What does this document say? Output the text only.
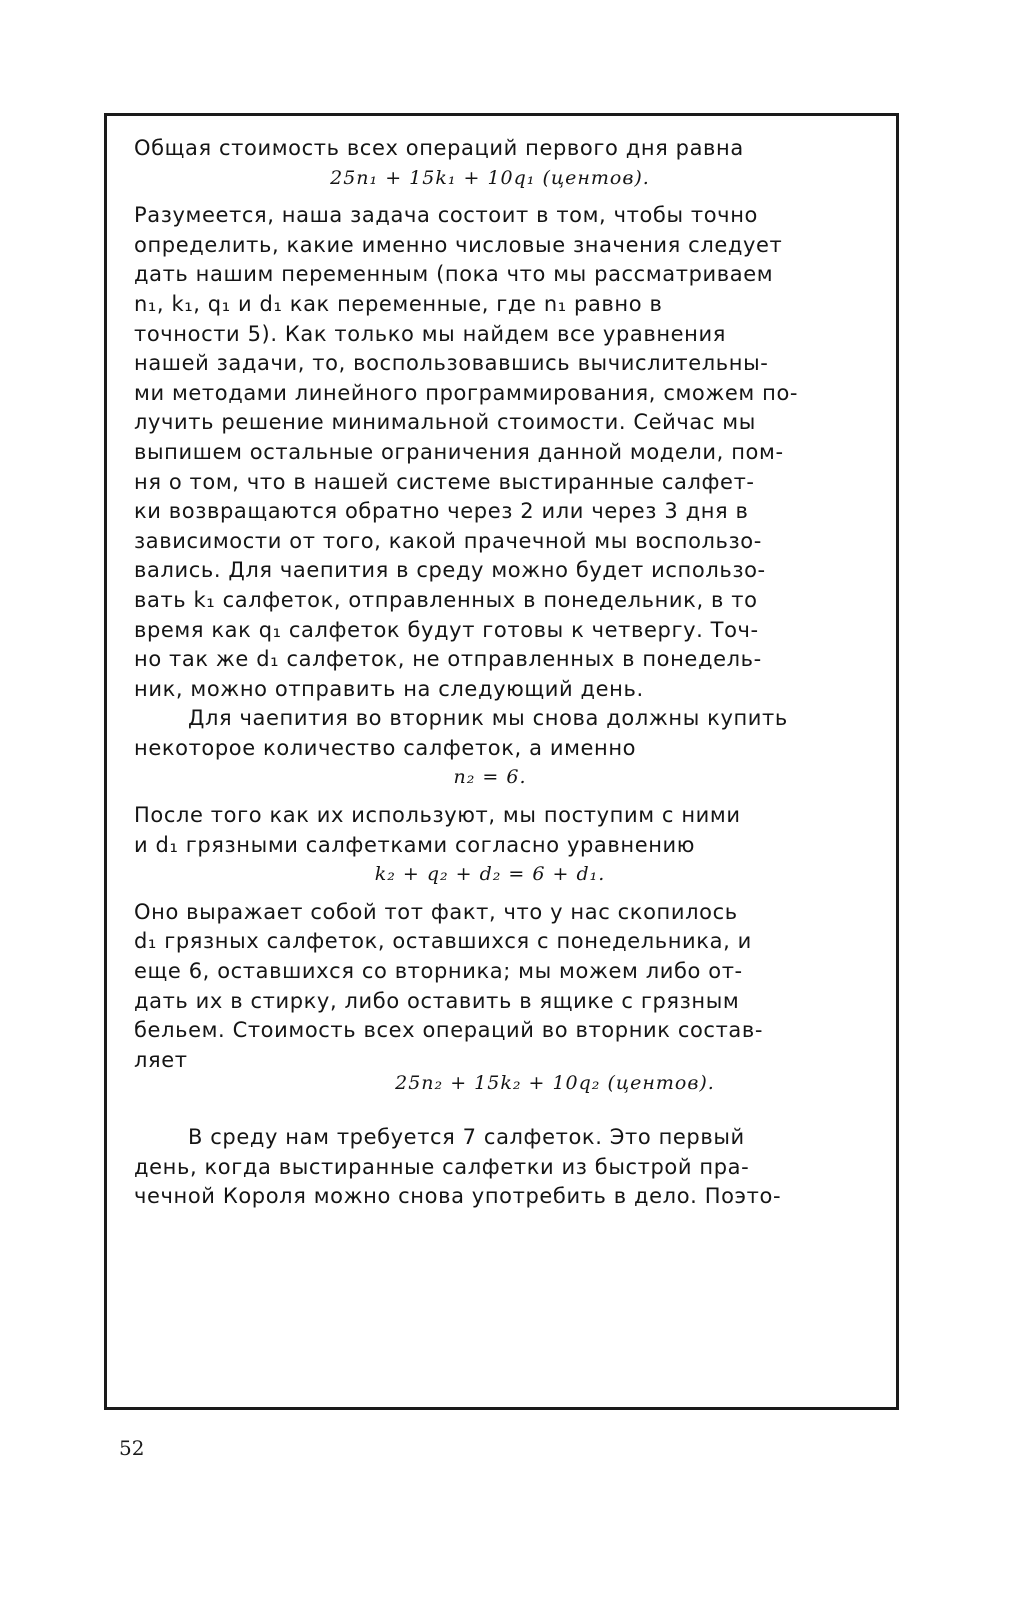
Общая стоимость всех операций первого дня равна

25n₁ + 15k₁ + 10q₁ (центов).

Разумеется, наша задача состоит в том, чтобы точно

определить, какие именно числовые значения следует

дать нашим переменным (пока что мы рассматриваем

n₁, k₁, q₁ и d₁ как переменные, где n₁ равно в

точности 5). Как только мы найдем все уравнения

нашей задачи, то, воспользовавшись вычислительны-

ми методами линейного программирования, сможем по-

лучить решение минимальной стоимости. Сейчас мы

выпишем остальные ограничения данной модели, пом-

ня о том, что в нашей системе выстиранные салфет-

ки возвращаются обратно через 2 или через 3 дня в

зависимости от того, какой прачечной мы воспользо-

вались. Для чаепития в среду можно будет использо-

вать k₁ салфеток, отправленных в понедельник, в то

время как q₁ салфеток будут готовы к четвергу. Точ-

но так же d₁ салфеток, не отправленных в понедель-

ник, можно отправить на следующий день.

Для чаепития во вторник мы снова должны купить

некоторое количество салфеток, а именно

n₂ = 6.

После того как их используют, мы поступим с ними

и d₁ грязными салфетками согласно уравнению

k₂ + q₂ + d₂ = 6 + d₁.

Оно выражает собой тот факт, что у нас скопилось

d₁ грязных салфеток, оставшихся с понедельника, и

еще 6, оставшихся со вторника; мы можем либо от-

дать их в стирку, либо оставить в ящике с грязным

бельем. Стоимость всех операций во вторник состав-

ляет

25n₂ + 15k₂ + 10q₂ (центов).

В среду нам требуется 7 салфеток. Это первый

день, когда выстиранные салфетки из быстрой пра-

чечной Короля можно снова употребить в дело. Поэто-

52
